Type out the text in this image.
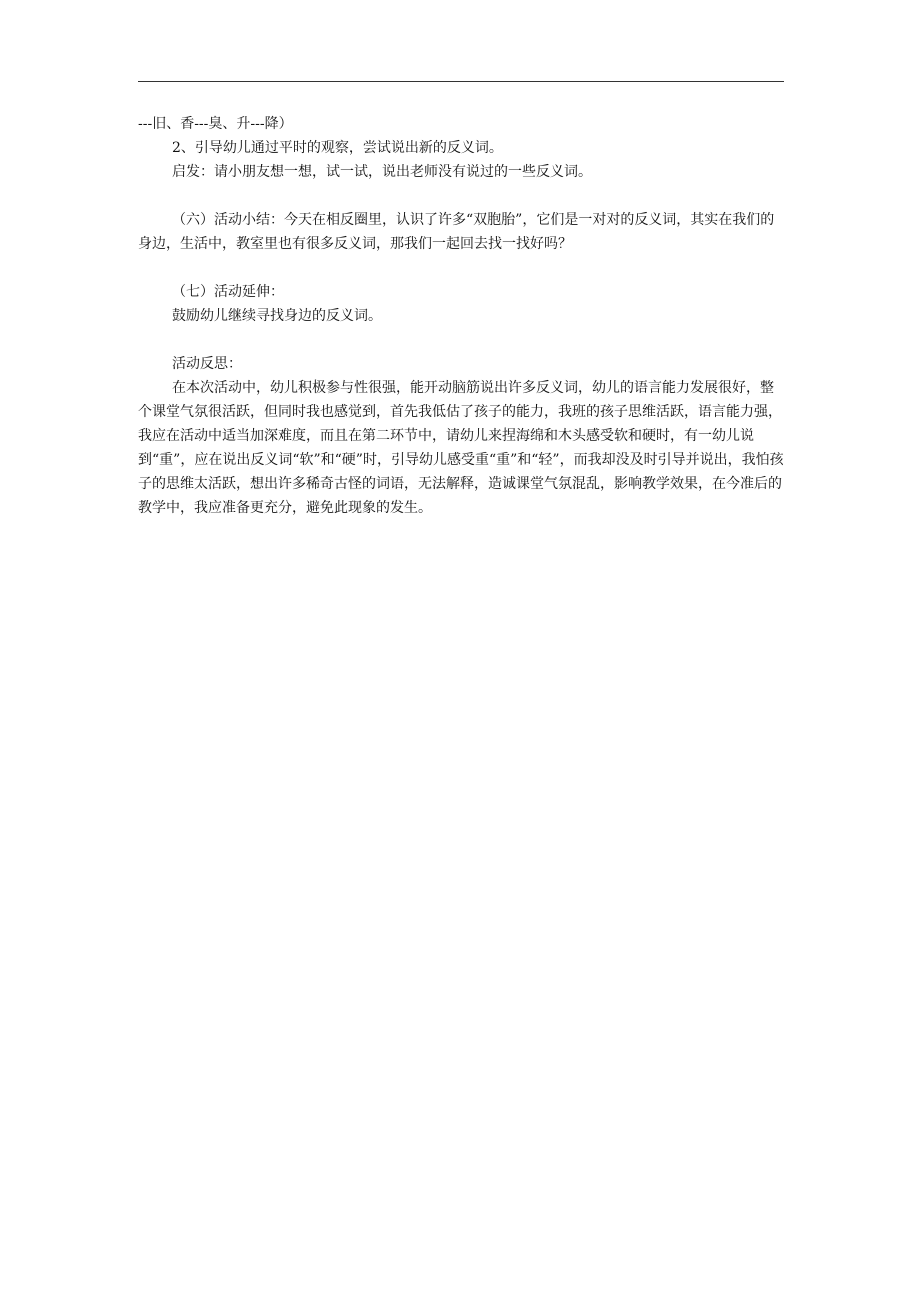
---旧、香---臭、升---降）

2、引导幼儿通过平时的观察，尝试说出新的反义词。

启发：请小朋友想一想，试一试，说出老师没有说过的一些反义词。

（六）活动小结：今天在相反圈里，认识了许多“双胞胎”，它们是一对对的反义词，其实在我们的身边，生活中，教室里也有很多反义词，那我们一起回去找一找好吗？

（七）活动延伸：

鼓励幼儿继续寻找身边的反义词。

活动反思：

在本次活动中，幼儿积极参与性很强，能开动脑筋说出许多反义词，幼儿的语言能力发展很好，整个课堂气氛很活跃，但同时我也感觉到，首先我低估了孩子的能力，我班的孩子思维活跃，语言能力强，我应在活动中适当加深难度，而且在第二环节中，请幼儿来捏海绵和木头感受软和硬时，有一幼儿说到“重”，应在说出反义词“软”和“硬”时，引导幼儿感受重“重”和“轻”，而我却没及时引导并说出，我怕孩子的思维太活跃，想出许多稀奇古怪的词语，无法解释，造诚课堂气氛混乱，影响教学效果，在今准后的教学中，我应准备更充分，避免此现象的发生。
